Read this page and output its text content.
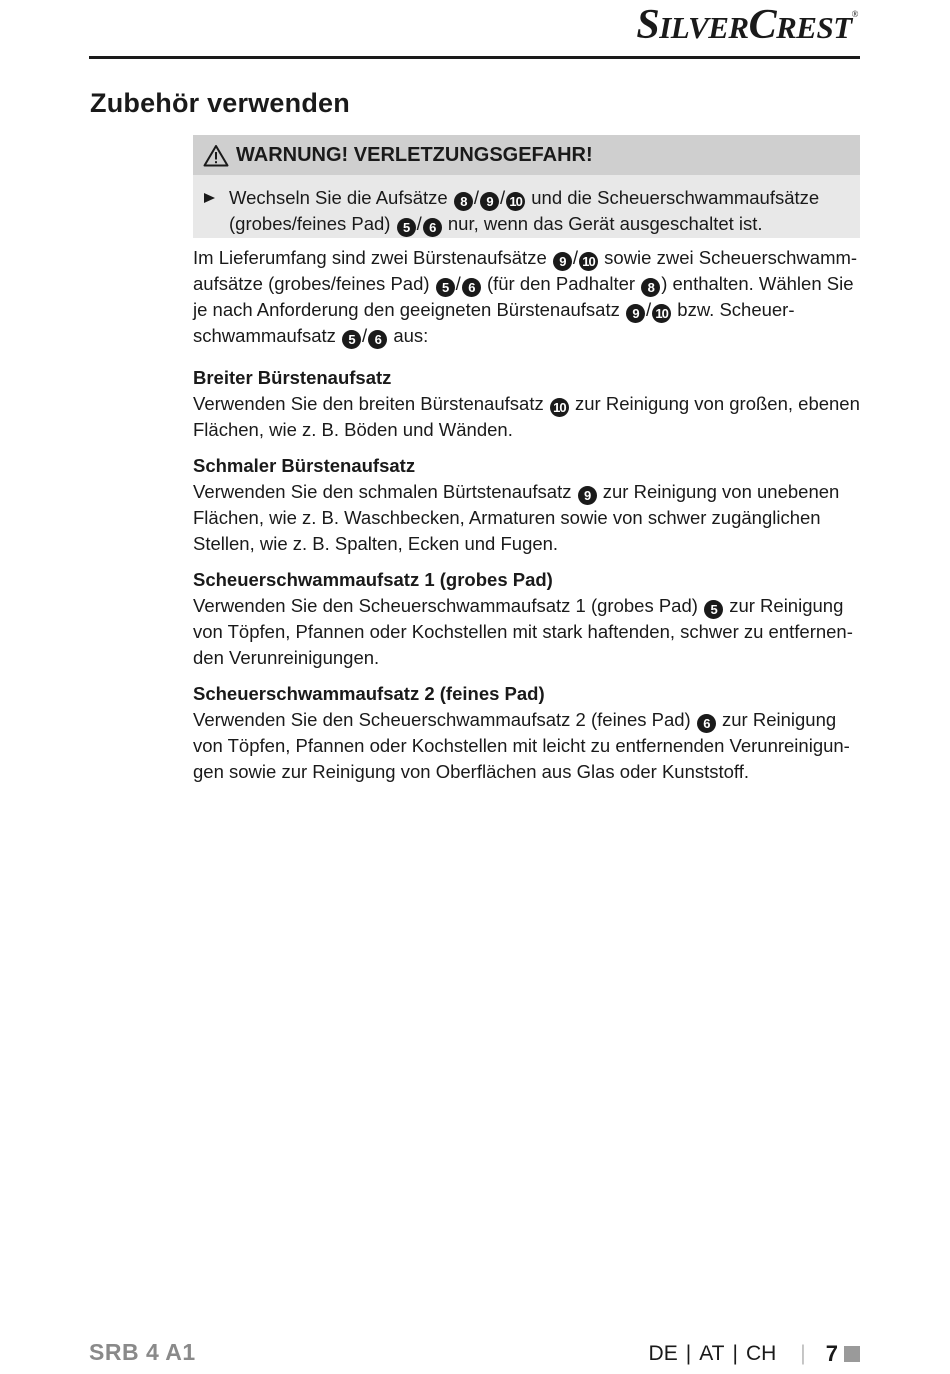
SILVERCREST®
Zubehör verwenden
WARNUNG! VERLETZUNGSGEFAHR!
Wechseln Sie die Aufsätze 8 / 9 / 10 und die Scheuerschwammaufsätze (grobes/feines Pad) 5 / 6 nur, wenn das Gerät ausgeschaltet ist.

Im Lieferumfang sind zwei Bürstenaufsätze 9 / 10 sowie zwei Scheuerschwamm-aufsätze (grobes/feines Pad) 5 / 6 (für den Padhalter 8 ) enthalten. Wählen Sie je nach Anforderung den geeigneten Bürstenaufsatz 9 / 10 bzw. Scheuer-schwammaufsatz 5 / 6 aus:

Breiter Bürstenaufsatz

Verwenden Sie den breiten Bürstenaufsatz 10 zur Reinigung von großen, ebenen Flächen, wie z. B. Böden und Wänden.

Schmaler Bürstenaufsatz

Verwenden Sie den schmalen Bürtstenaufsatz 9 zur Reinigung von unebenen Flächen, wie z. B. Waschbecken, Armaturen sowie von schwer zugänglichen Stellen, wie z. B. Spalten, Ecken und Fugen.

Scheuerschwammaufsatz 1 (grobes Pad)

Verwenden Sie den Scheuerschwammaufsatz 1 (grobes Pad) 5 zur Reinigung von Töpfen, Pfannen oder Kochstellen mit stark haftenden, schwer zu entfernen-den Verunreinigungen.

Scheuerschwammaufsatz 2 (feines Pad)

Verwenden Sie den Scheuerschwammaufsatz 2 (feines Pad) 6 zur Reinigung von Töpfen, Pfannen oder Kochstellen mit leicht zu entfernenden Verunreinigun-gen sowie zur Reinigung von Oberflächen aus Glas oder Kunststoff.

SRB 4 A1	DE | AT | CH | 7
